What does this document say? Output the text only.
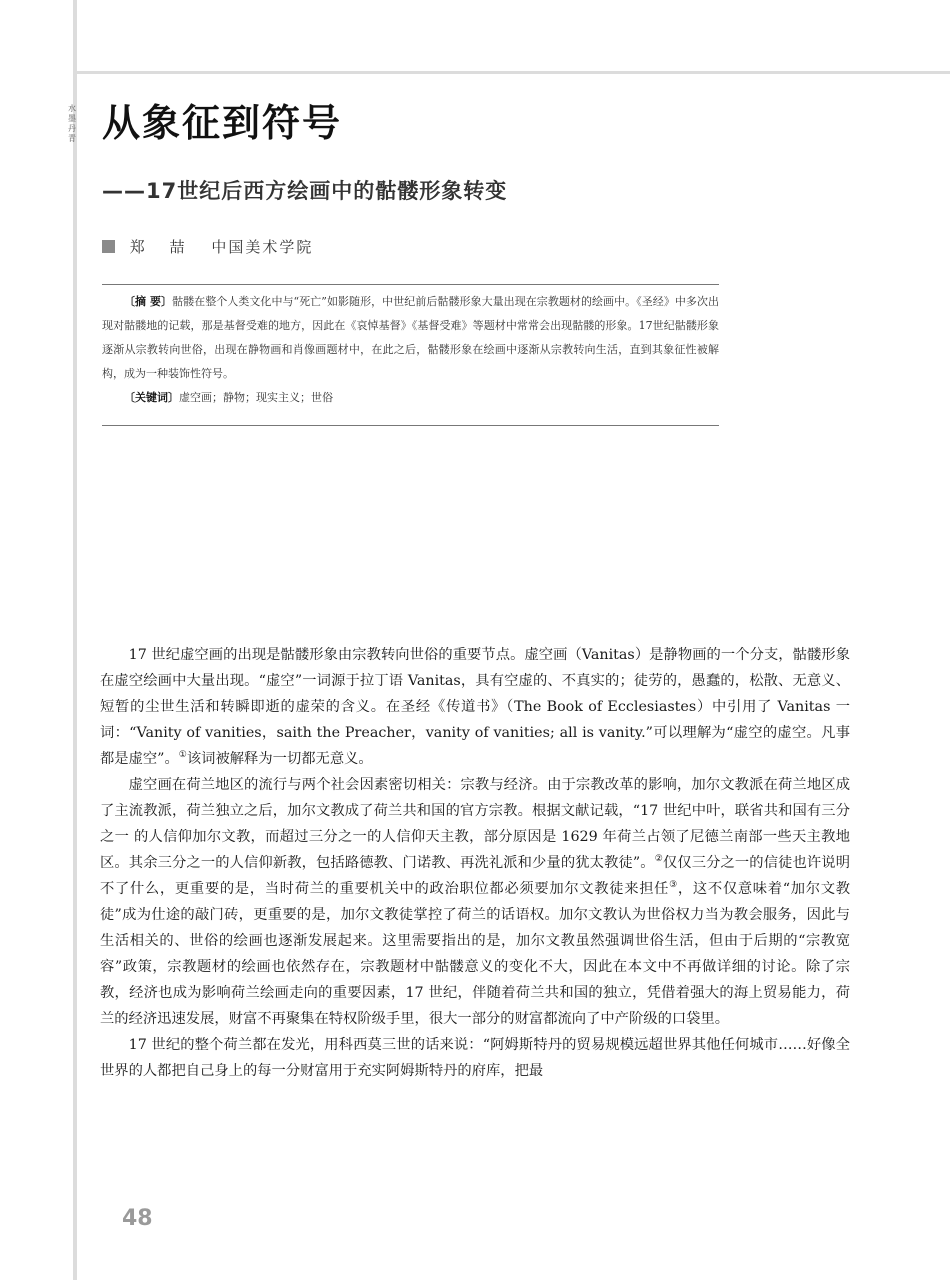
水墨丹青 从象征到符号
——17世纪后西方绘画中的骷髅形象转变
郑 喆 中国美术学院

〔摘 要〕骷髅在整个人类文化中与“死亡”如影随形，中世纪前后骷髅形象大量出现在宗教题材的绘画中。《圣经》中多次出现对骷髅地的记载，那是基督受难的地方，因此在《哀悼基督》《基督受难》等题材中常常会出现骷髅的形象。17世纪骷髅形象逐渐从宗教转向世俗，出现在静物画和肖像画题材中，在此之后，骷髅形象在绘画中逐渐从宗教转向生活，直到其象征性被解构，成为一种装饰性符号。

〔关键词〕虚空画；静物；现实主义；世俗

17 世纪虚空画的出现是骷髅形象由宗教转向世俗的重要节点。虚空画（Vanitas）是静物画的一个分支，骷髅形象在虚空绘画中大量出现。“虚空”一词源于拉丁语 Vanitas，具有空虚的、不真实的；徒劳的，愚蠢的，松散、无意义、短暂的尘世生活和转瞬即逝的虚荣的含义。在圣经《传道书》（The Book of Ecclesiastes）中引用了 Vanitas 一词：“Vanity of vanities，saith the Preacher，vanity of vanities; all is vanity.”可以理解为“虚空的虚空。凡事都是虚空”。①该词被解释为一切都无意义。

虚空画在荷兰地区的流行与两个社会因素密切相关：宗教与经济。由于宗教改革的影响，加尔文教派在荷兰地区成了主流教派，荷兰独立之后，加尔文教成了荷兰共和国的官方宗教。根据文献记载，“17 世纪中叶，联省共和国有三分之一 的人信仰加尔文教，而超过三分之一的人信仰天主教，部分原因是 1629 年荷兰占领了尼德兰南部一些天主教地区。其余三分之一的人信仰新教，包括路德教、门诺教、再洗礼派和少量的犹太教徒”。②仅仅三分之一的信徒也许说明不了什么，更重要的是，当时荷兰的重要机关中的政治职位都必须要加尔文教徒来担任③，这不仅意味着“加尔文教徒”成为仕途的敲门砖，更重要的是，加尔文教徒掌控了荷兰的话语权。加尔文教认为世俗权力当为教会服务，因此与生活相关的、世俗的绘画也逐渐发展起来。这里需要指出的是，加尔文教虽然强调世俗生活，但由于后期的“宗教宽容”政策，宗教题材的绘画也依然存在，宗教题材中骷髅意义的变化不大，因此在本文中不再做详细的讨论。除了宗教，经济也成为影响荷兰绘画走向的重要因素，17 世纪，伴随着荷兰共和国的独立，凭借着强大的海上贸易能力，荷兰的经济迅速发展，财富不再聚集在特权阶级手里，很大一部分的财富都流向了中产阶级的口袋里。

17 世纪的整个荷兰都在发光，用科西莫三世的话来说：“阿姆斯特丹的贸易规模远超世界其他任何城市……好像全世界的人都把自己身上的每一分财富用于充实阿姆斯特丹的府库，把最

48
